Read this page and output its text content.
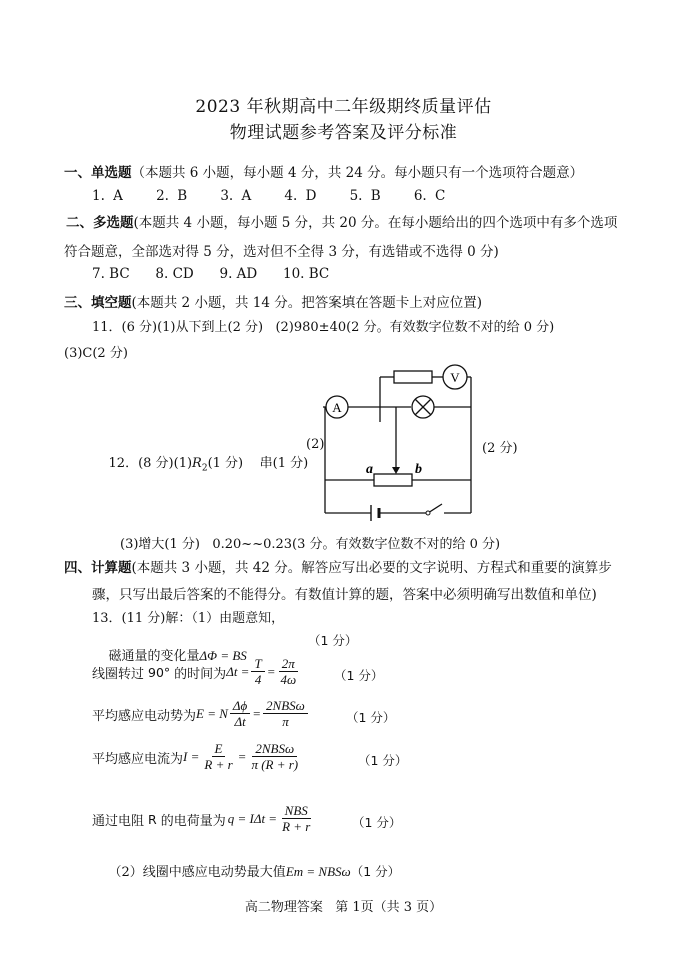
2023 年秋期高中二年级期终质量评估
物理试题参考答案及评分标准
一、单选题（本题共 6 小题，每小题 4 分，共 24 分。每小题只有一个选项符合题意）
1. A    2. B    3. A    4. D    5. B    6. C
二、多选题(本题共 4 小题，每小题 5 分，共 20 分。在每小题给出的四个选项中有多个选项
符合题意，全部选对得 5 分，选对但不全得 3 分，有选错或不选得 0 分)
7. BC      8. CD      9. AD      10. BC
三、填空题(本题共 2 小题，共 14 分。把答案填在答题卡上对应位置)
11．(6 分)(1)从下到上(2 分)   (2)980±40(2 分。有效数字位数不对的给 0 分)
(3)C(2 分)

12．(8 分)$(1)R_2(1$ 分)    串(1 分)

(2)	(2 分)
A
V
a	b
(3)增大(1 分)   0.20~~0.23(3 分。有效数字位数不对的给 0 分)
四、计算题(本题共 3 小题，共 42 分。解答应写出必要的文字说明、方程式和重要的演算步
骤，只写出最后答案的不能得分。有数值计算的题，答案中必须明确写出数值和单位)
13．(11 分)解：（1）由题意知，

磁通量的变化量ΔΦ = BS

（1 分）
线圈转过 90° 的时间为 $\Delta t = \frac{T}{4} = \frac{2\pi}{4\omega}$	（1 分）
平均感应电动势为 E = N $\frac{\Delta\phi}{\Delta t} = \frac{\text{2NBSω}}{\pi}$	（1 分）
平均感应电流为 $I = \frac{E}{R + r} = \frac{\text{2NBSω}}{\pi (R + r)}$	（1 分）
通过电阻 R 的电荷量为 $q = I\Delta t = \frac{\text{NBS}}{R + r}$	（1 分）

（2）线圈中感应电动势最大值Em = NBSω（1 分）

高二物理答案   第 1页（共 3 页）
